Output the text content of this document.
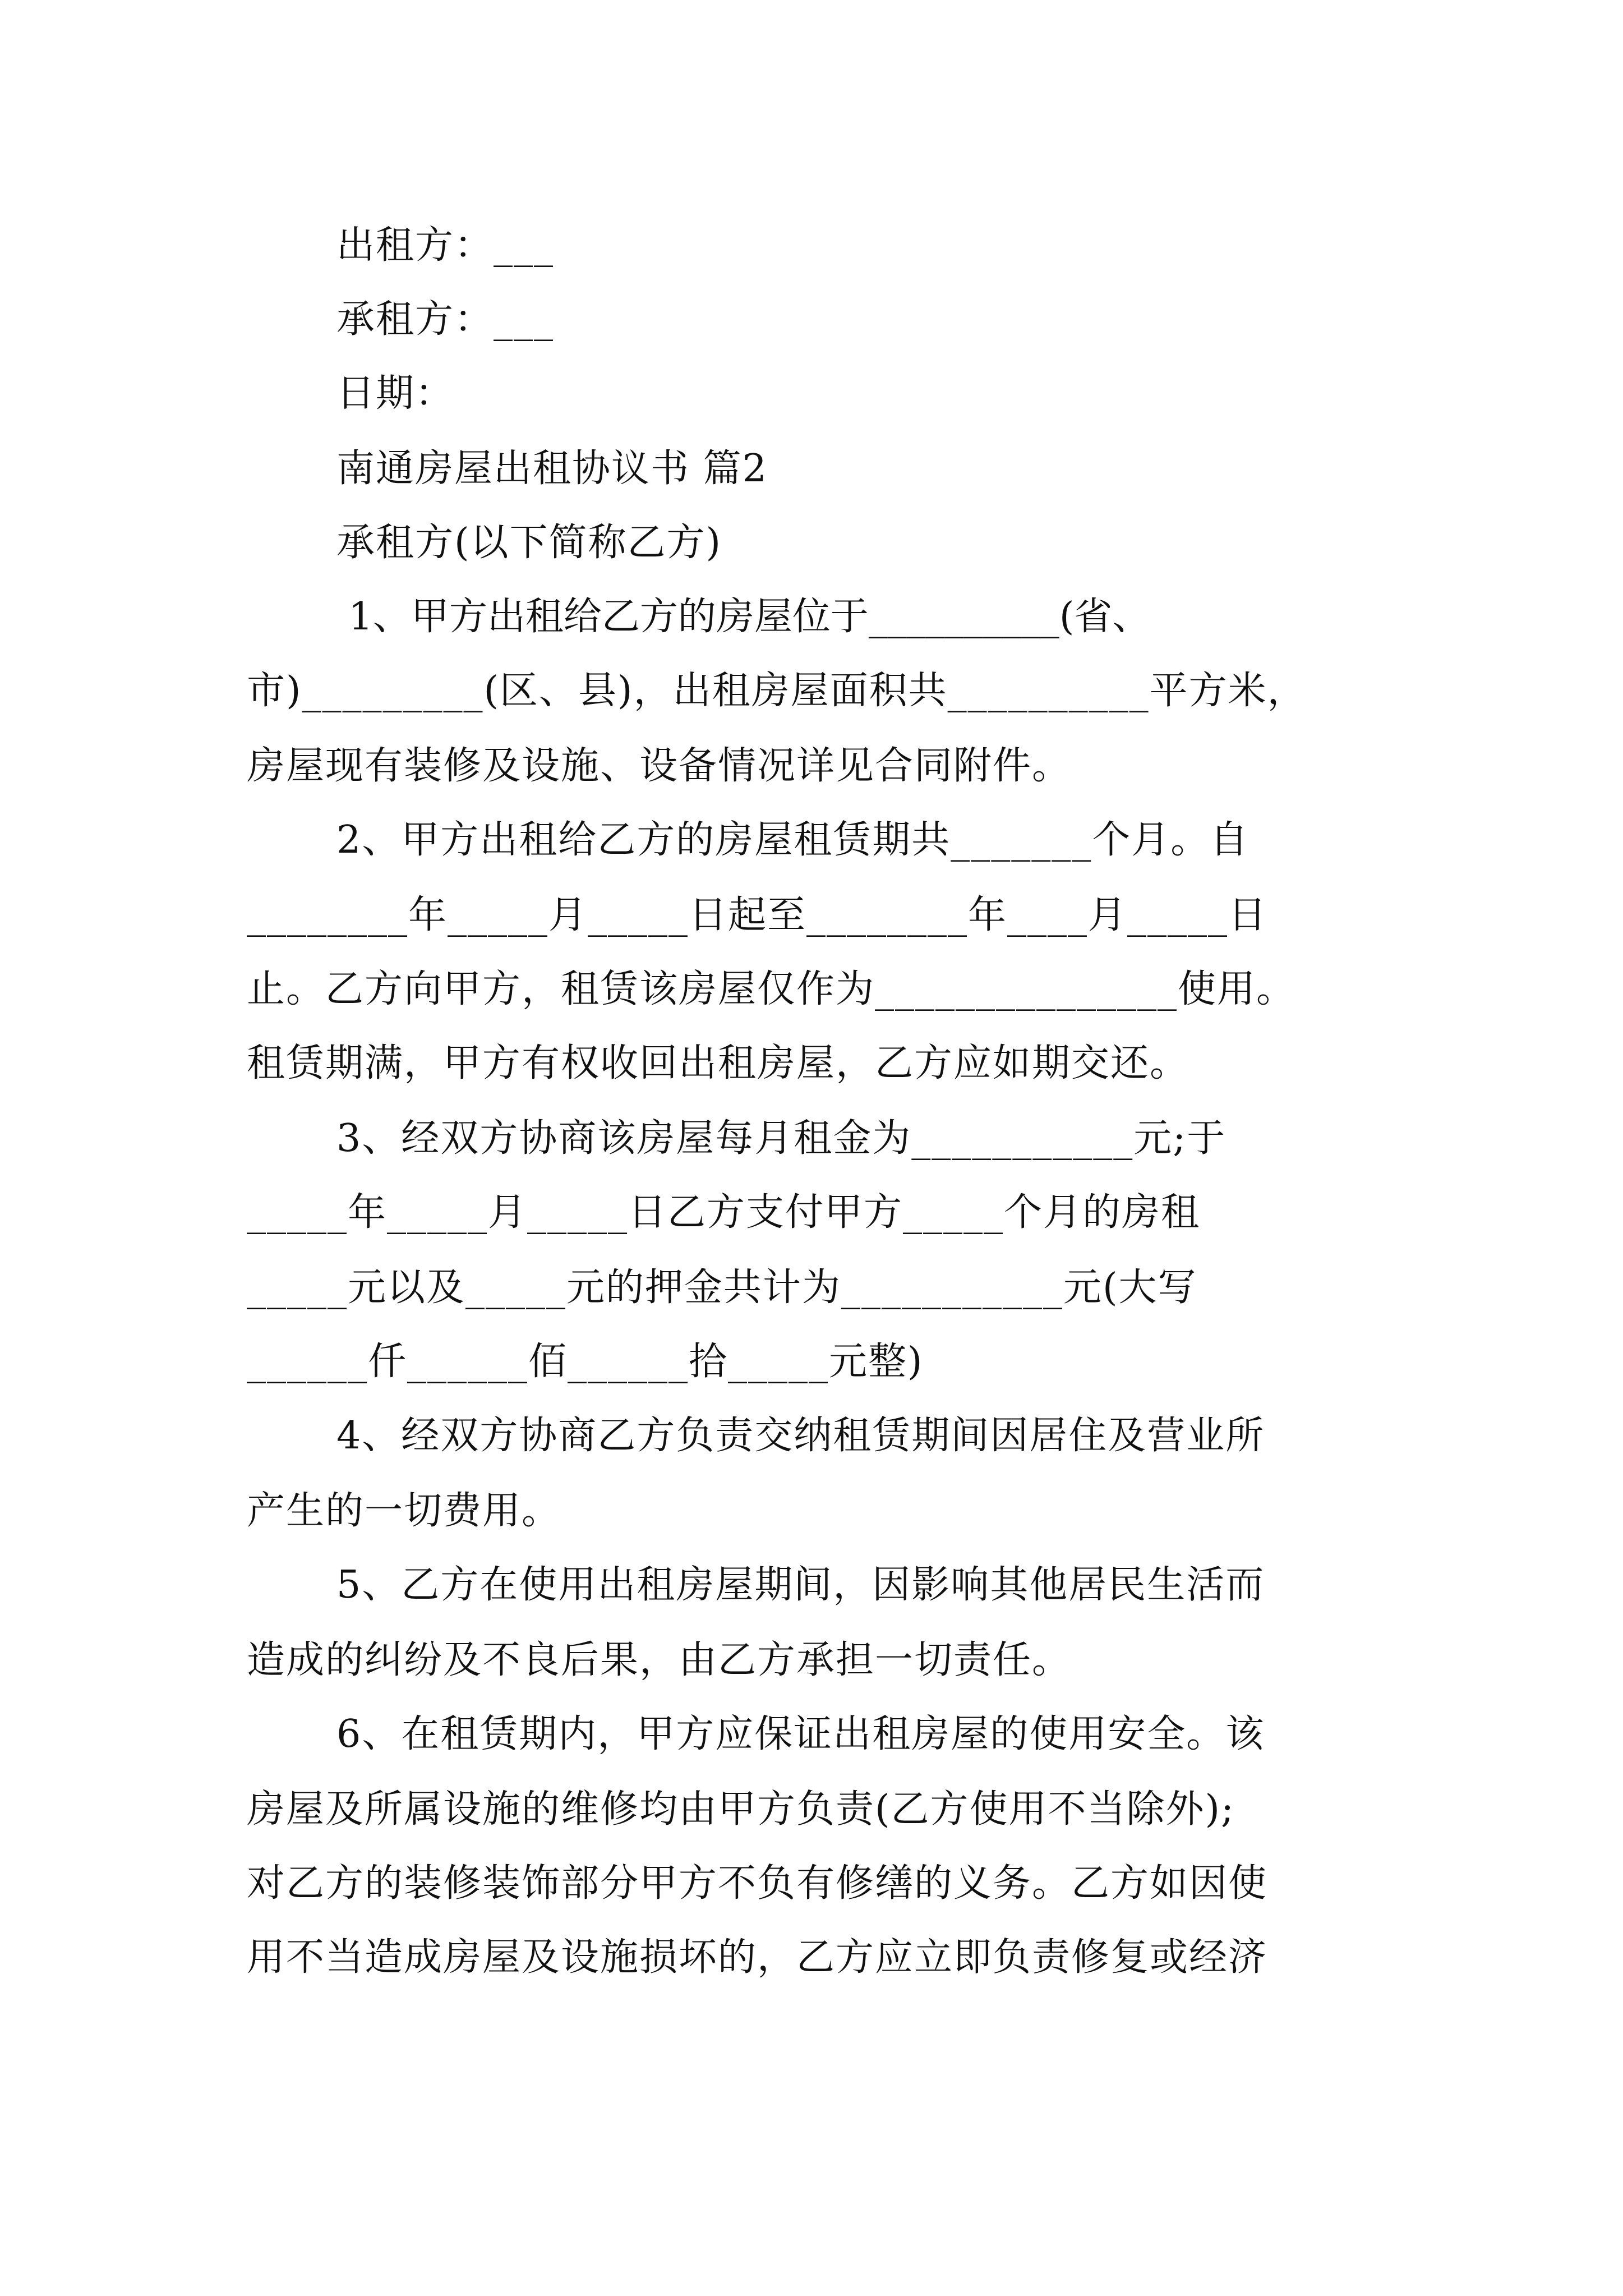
出租方：___
承租方：___
日期：
南通房屋出租协议书 篇2
承租方(以下简称乙方)
1、甲方出租给乙方的房屋位于__________(省、
市)_________(区、县)，出租房屋面积共__________平方米，
房屋现有装修及设施、设备情况详见合同附件。
2、甲方出租给乙方的房屋租赁期共_______个月。自
________年_____月_____日起至________年____月_____日
止。乙方向甲方，租赁该房屋仅作为_______________使用。
租赁期满，甲方有权收回出租房屋，乙方应如期交还。
3、经双方协商该房屋每月租金为___________元;于
_____年_____月_____日乙方支付甲方_____个月的房租
_____元以及_____元的押金共计为___________元(大写
______仟______佰______拾_____元整)
4、经双方协商乙方负责交纳租赁期间因居住及营业所
产生的一切费用。
5、乙方在使用出租房屋期间，因影响其他居民生活而
造成的纠纷及不良后果，由乙方承担一切责任。
6、在租赁期内，甲方应保证出租房屋的使用安全。该
房屋及所属设施的维修均由甲方负责(乙方使用不当除外);
对乙方的装修装饰部分甲方不负有修缮的义务。乙方如因使
用不当造成房屋及设施损坏的，乙方应立即负责修复或经济
